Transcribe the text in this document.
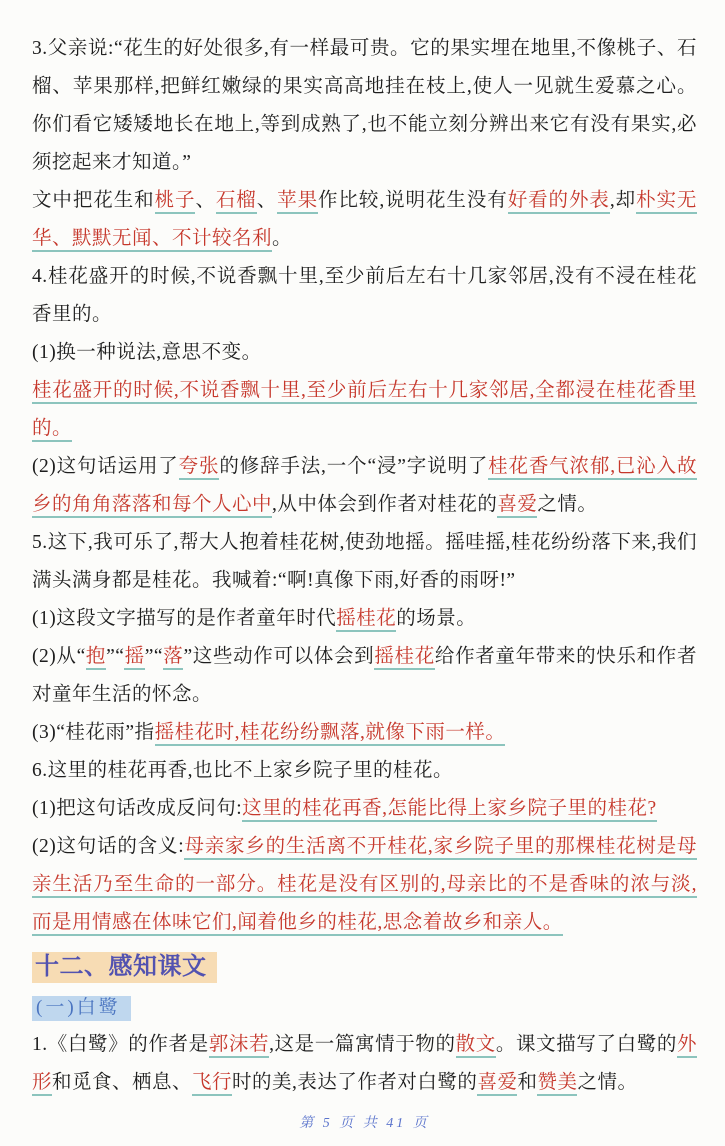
3.父亲说:“花生的好处很多,有一样最可贵。它的果实埋在地里,不像桃子、石榴、苹果那样,把鲜红嫩绿的果实高高地挂在枝上,使人一见就生爱慕之心。你们看它矮矮地长在地上,等到成熟了,也不能立刻分辨出来它有没有果实,必须挖起来才知道。”

文中把花生和桃子、石榴、苹果作比较,说明花生没有好看的外表,却朴实无华、默默无闻、不计较名利。

4.桂花盛开的时候,不说香飘十里,至少前后左右十几家邻居,没有不浸在桂花香里的。

(1)换一种说法,意思不变。

桂花盛开的时候,不说香飘十里,至少前后左右十几家邻居,全都浸在桂花香里的。

(2)这句话运用了夸张的修辞手法,一个“浸”字说明了桂花香气浓郁,已沁入故乡的角角落落和每个人心中,从中体会到作者对桂花的喜爱之情。

5.这下,我可乐了,帮大人抱着桂花树,使劲地摇。摇哇摇,桂花纷纷落下来,我们满头满身都是桂花。我喊着:“啊!真像下雨,好香的雨呀!”

(1)这段文字描写的是作者童年时代摇桂花的场景。

(2)从“抱”“摇”“落”这些动作可以体会到摇桂花给作者童年带来的快乐和作者对童年生活的怀念。

(3)“桂花雨”指摇桂花时,桂花纷纷飘落,就像下雨一样。

6.这里的桂花再香,也比不上家乡院子里的桂花。

(1)把这句话改成反问句:这里的桂花再香,怎能比得上家乡院子里的桂花?

(2)这句话的含义:母亲家乡的生活离不开桂花,家乡院子里的那棵桂花树是母亲生活乃至生命的一部分。桂花是没有区别的,母亲比的不是香味的浓与淡,而是用情感在体味它们,闻着他乡的桂花,思念着故乡和亲人。

十二、感知课文

(一)白鹭

1.《白鹭》的作者是郭沫若,这是一篇寓情于物的散文。课文描写了白鹭的外形和觅食、栖息、飞行时的美,表达了作者对白鹭的喜爱和赞美之情。

第 5 页 共 41 页
